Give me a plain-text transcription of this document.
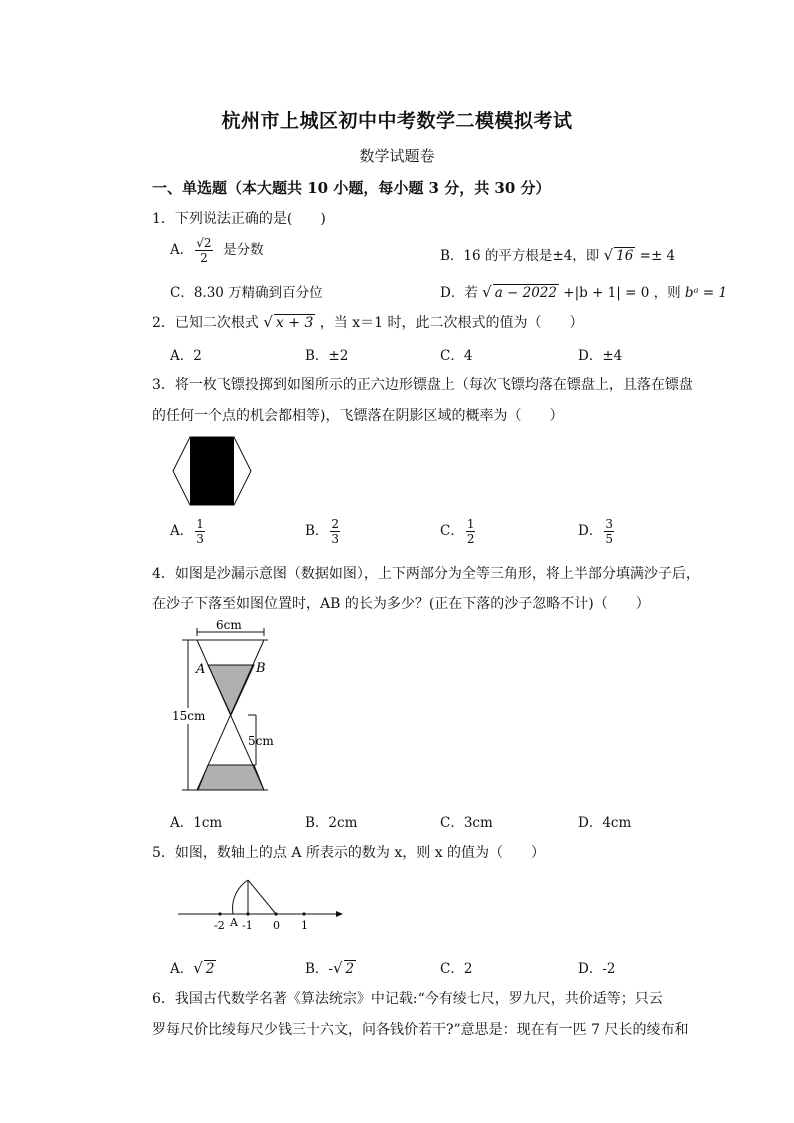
杭州市上城区初中中考数学二模模拟考试
数学试题卷
一、单选题（本大题共 10 小题，每小题 3 分，共 30 分）
1．下列说法正确的是(　　)
A． $\frac{√2}{2}$ 是分数	B．16 的平方根是±4，即 √ 16 =± 4
C．8.30 万精确到百分位	D．若 √ a − 2022 +|b + 1| = 0 ，则 bᵃ = 1
2．已知二次根式 √ x + 3 ，当 x＝1 时，此二次根式的值为（　　）
A．2	B．±2	C．4	D．±4
3．将一枚飞镖投掷到如图所示的正六边形镖盘上（每次飞镖均落在镖盘上，且落在镖盘
的任何一个点的机会都相等)，飞镖落在阴影区域的概率为（　　）
A． $\frac{1}{3}$	B． $\frac{2}{3}$	C． $\frac{1}{2}$	D． $\frac{3}{5}$
4．如图是沙漏示意图（数据如图），上下两部分为全等三角形，将上半部分填满沙子后，
在沙子下落至如图位置时，AB 的长为多少？(正在下落的沙子忽略不计)（　　）
6cm
15cm
A	B
5cm
A．1cm	B．2cm	C．3cm	D．4cm
5．如图，数轴上的点 A 所表示的数为 x，则 x 的值为（　　）
-2 A -1 0 1
A．√ 2	B．-√ 2	C．2	D．-2
6．我国古代数学名著《算法统宗》中记载:“今有绫七尺，罗九尺，共价适等；只云
罗每尺价比绫每尺少钱三十六文，问各钱价若干?”意思是：现在有一匹 7 尺长的绫布和
